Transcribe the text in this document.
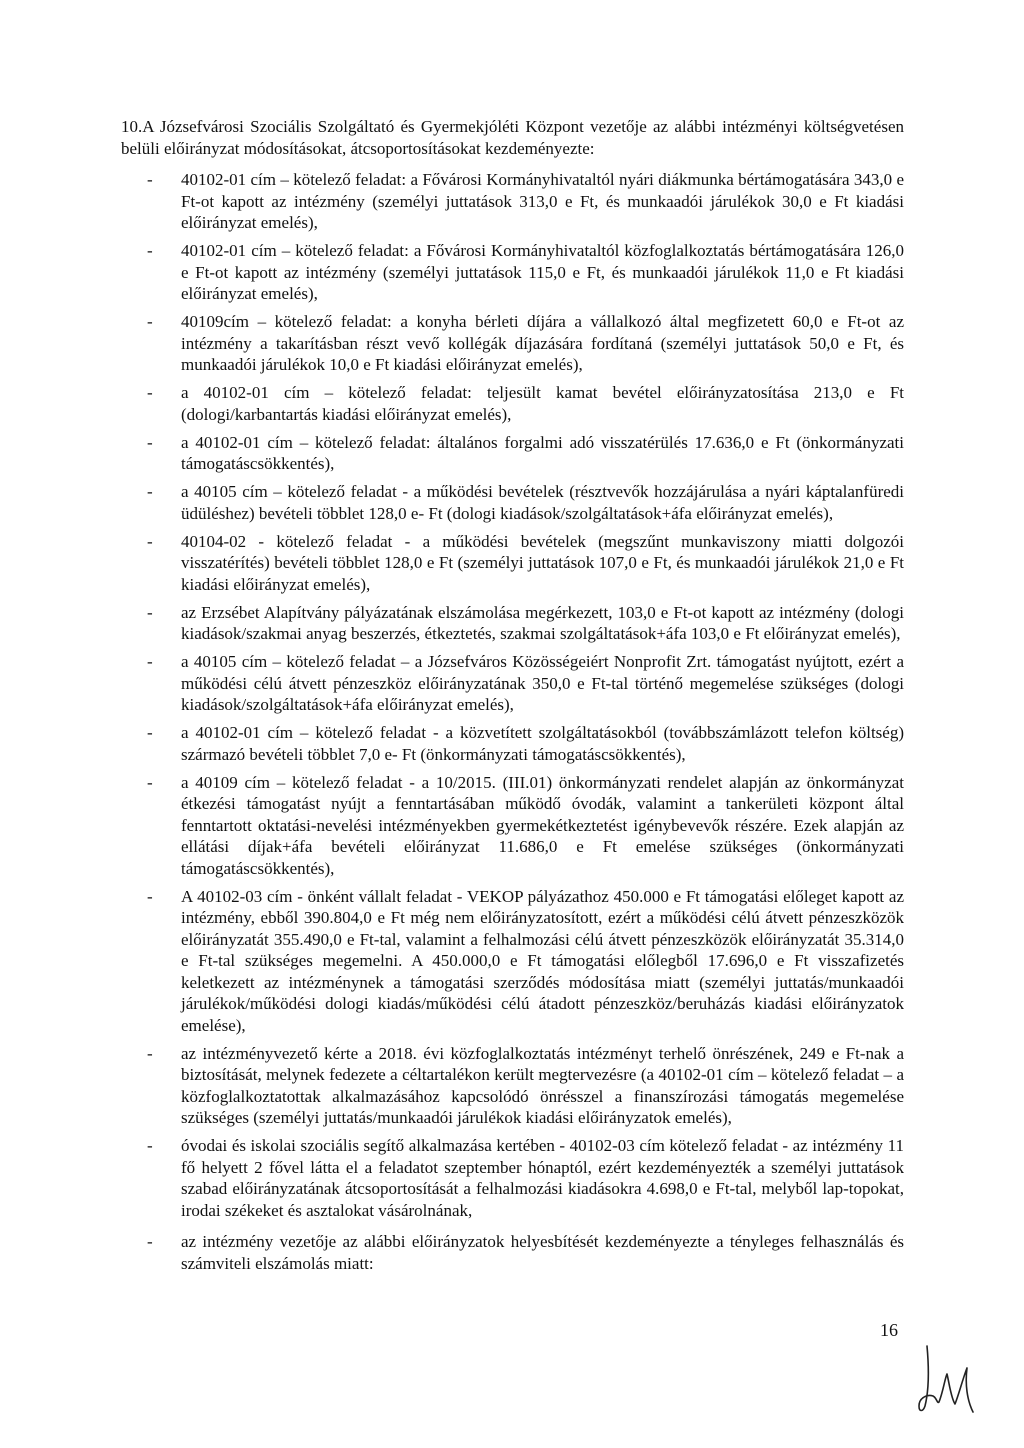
10.A Józsefvárosi Szociális Szolgáltató és Gyermekjóléti Központ vezetője az alábbi intézményi költségvetésen belüli előirányzat módosításokat, átcsoportosításokat kezdeményezte:

- 40102-01 cím – kötelező feladat: a Fővárosi Kormányhivataltól nyári diákmunka bértámogatására 343,0 e Ft-ot kapott az intézmény (személyi juttatások 313,0 e Ft, és munkaadói járulékok 30,0 e Ft kiadási előirányzat emelés),
- 40102-01 cím – kötelező feladat: a Fővárosi Kormányhivataltól közfoglalkoztatás bértámogatására 126,0 e Ft-ot kapott az intézmény (személyi juttatások 115,0 e Ft, és munkaadói járulékok 11,0 e Ft kiadási előirányzat emelés),
- 40109cím – kötelező feladat: a konyha bérleti díjára a vállalkozó által megfizetett 60,0 e Ft-ot az intézmény a takarításban részt vevő kollégák díjazására fordítaná (személyi juttatások 50,0 e Ft, és munkaadói járulékok 10,0 e Ft kiadási előirányzat emelés),
- a 40102-01 cím – kötelező feladat: teljesült kamat bevétel előirányzatosítása 213,0 e Ft (dologi/karbantartás kiadási előirányzat emelés),
- a 40102-01 cím – kötelező feladat: általános forgalmi adó visszatérülés 17.636,0 e Ft (önkormányzati támogatáscsökkentés),
- a 40105 cím – kötelező feladat - a működési bevételek (résztvevők hozzájárulása a nyári káptalanfüredi üdüléshez) bevételi többlet 128,0 e- Ft (dologi kiadások/szolgáltatások+áfa előirányzat emelés),
- 40104-02 - kötelező feladat - a működési bevételek (megszűnt munkaviszony miatti dolgozói visszatérítés) bevételi többlet 128,0 e Ft (személyi juttatások 107,0 e Ft, és munkaadói járulékok 21,0 e Ft kiadási előirányzat emelés),
- az Erzsébet Alapítvány pályázatának elszámolása megérkezett, 103,0 e Ft-ot kapott az intézmény (dologi kiadások/szakmai anyag beszerzés, étkeztetés, szakmai szolgáltatások+áfa 103,0 e Ft előirányzat emelés),
- a 40105 cím – kötelező feladat – a Józsefváros Közösségeiért Nonprofit Zrt. támogatást nyújtott, ezért a működési célú átvett pénzeszköz előirányzatának 350,0 e Ft-tal történő megemelése szükséges (dologi kiadások/szolgáltatások+áfa előirányzat emelés),
- a 40102-01 cím – kötelező feladat - a közvetített szolgáltatásokból (továbbszámlázott telefon költség) származó bevételi többlet 7,0 e- Ft (önkormányzati támogatáscsökkentés),
- a 40109 cím – kötelező feladat - a 10/2015. (III.01) önkormányzati rendelet alapján az önkormányzat étkezési támogatást nyújt a fenntartásában működő óvodák, valamint a tankerületi központ által fenntartott oktatási-nevelési intézményekben gyermekétkeztetést igénybevevők részére. Ezek alapján az ellátási díjak+áfa bevételi előirányzat 11.686,0 e Ft emelése szükséges (önkormányzati támogatáscsökkentés),
- A 40102-03 cím - önként vállalt feladat - VEKOP pályázathoz 450.000 e Ft támogatási előleget kapott az intézmény, ebből 390.804,0 e Ft még nem előirányzatosított, ezért a működési célú átvett pénzeszközök előirányzatát 355.490,0 e Ft-tal, valamint a felhalmozási célú átvett pénzeszközök előirányzatát 35.314,0 e Ft-tal szükséges megemelni. A 450.000,0 e Ft támogatási előlegből 17.696,0 e Ft visszafizetés keletkezett az intézménynek a támogatási szerződés módosítása miatt (személyi juttatás/munkaadói járulékok/működési dologi kiadás/működési célú átadott pénzeszköz/beruházás kiadási előirányzatok emelése),
- az intézményvezető kérte a 2018. évi közfoglalkoztatás intézményt terhelő önrészének, 249 e Ft-nak a biztosítását, melynek fedezete a céltartalékon került megtervezésre (a 40102-01 cím – kötelező feladat – a közfoglalkoztatottak alkalmazásához kapcsolódó önrésszel a finanszírozási támogatás megemelése szükséges (személyi juttatás/munkaadói járulékok kiadási előirányzatok emelés),
- óvodai és iskolai szociális segítő alkalmazása kertében - 40102-03 cím kötelező feladat - az intézmény 11 fő helyett 2 fővel látta el a feladatot szeptember hónaptól, ezért kezdeményezték a személyi juttatások szabad előirányzatának átcsoportosítását a felhalmozási kiadásokra 4.698,0 e Ft-tal, melyből lap-topokat, irodai székeket és asztalokat vásárolnának,
- az intézmény vezetője az alábbi előirányzatok helyesbítését kezdeményezte a tényleges felhasználás és számviteli elszámolás miatt:
16
